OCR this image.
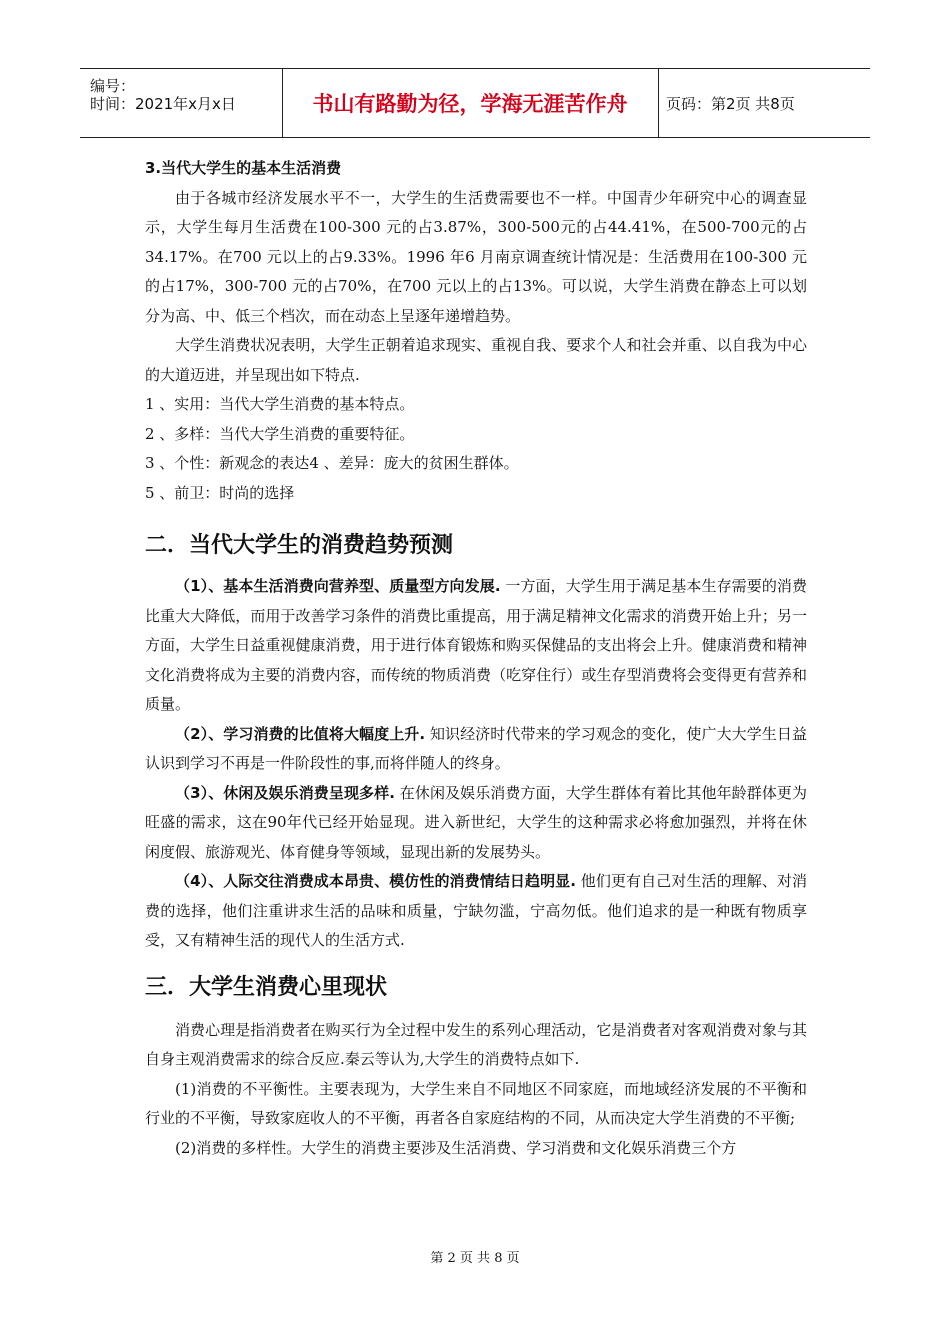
编号：
时间：2021年x月x日	书山有路勤为径，学海无涯苦作舟	页码：第2页 共8页

3.当代大学生的基本生活消费

由于各城市经济发展水平不一，大学生的生活费需要也不一样。中国青少年研究中心的调查显示，大学生每月生活费在100-300 元的占3.87%，300-500元的占44.41%，在500-700元的占34.17%。在700 元以上的占9.33%。1996 年6 月南京调查统计情况是：生活费用在100-300 元的占17%，300-700 元的占70%，在700 元以上的占13%。可以说，大学生消费在静态上可以划分为高、中、低三个档次，而在动态上呈逐年递增趋势。

大学生消费状况表明，大学生正朝着追求现实、重视自我、要求个人和社会并重、以自我为中心的大道迈进，并呈现出如下特点.

1 、实用：当代大学生消费的基本特点。

2 、多样：当代大学生消费的重要特征。

3 、个性：新观念的表达4 、差异：庞大的贫困生群体。

5 、前卫：时尚的选择

二．当代大学生的消费趋势预测

（1）、基本生活消费向营养型、质量型方向发展. 一方面，大学生用于满足基本生存需要的消费比重大大降低，而用于改善学习条件的消费比重提高，用于满足精神文化需求的消费开始上升；另一方面，大学生日益重视健康消费，用于进行体育锻炼和购买保健品的支出将会上升。健康消费和精神文化消费将成为主要的消费内容，而传统的物质消费（吃穿住行）或生存型消费将会变得更有营养和质量。

（2）、学习消费的比值将大幅度上升. 知识经济时代带来的学习观念的变化，使广大大学生日益认识到学习不再是一件阶段性的事,而将伴随人的终身。

（3）、休闲及娱乐消费呈现多样. 在休闲及娱乐消费方面，大学生群体有着比其他年龄群体更为旺盛的需求，这在90年代已经开始显现。进入新世纪，大学生的这种需求必将愈加强烈，并将在休闲度假、旅游观光、体育健身等领域，显现出新的发展势头。

（4）、人际交往消费成本昂贵、模仿性的消费情结日趋明显. 他们更有自己对生活的理解、对消费的选择，他们注重讲求生活的品味和质量，宁缺勿滥，宁高勿低。他们追求的是一种既有物质享受，又有精神生活的现代人的生活方式.

三．大学生消费心里现状

消费心理是指消费者在购买行为全过程中发生的系列心理活动，它是消费者对客观消费对象与其自身主观消费需求的综合反应.秦云等认为,大学生的消费特点如下.

(1)消费的不平衡性。主要表现为，大学生来自不同地区不同家庭，而地域经济发展的不平衡和行业的不平衡，导致家庭收人的不平衡，再者各自家庭结构的不同，从而决定大学生消费的不平衡;

(2)消费的多样性。大学生的消费主要涉及生活消费、学习消费和文化娱乐消费三个方

第 2 页 共 8 页
